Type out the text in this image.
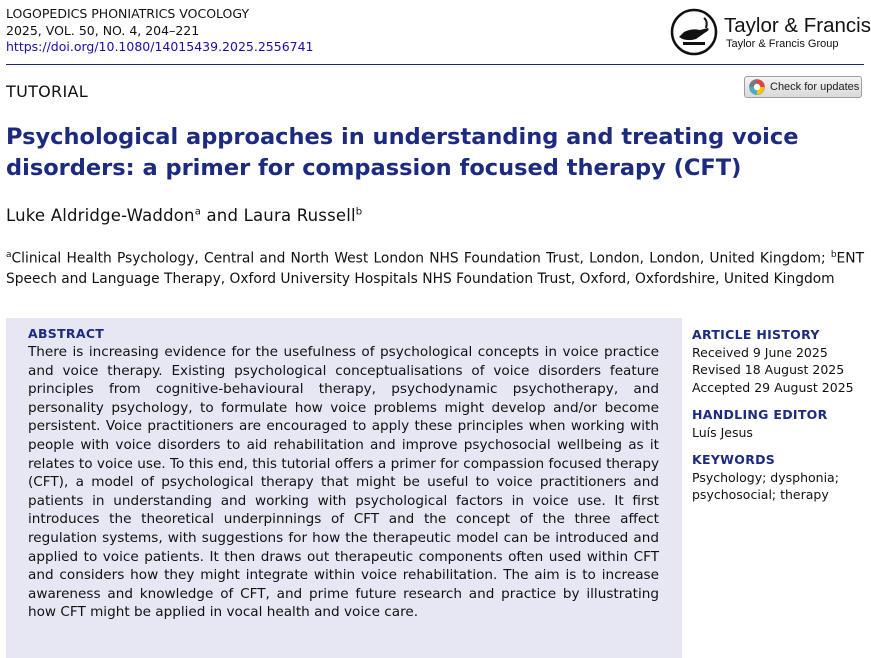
LOGOPEDICS PHONIATRICS VOCOLOGY
2025, VOL. 50, NO. 4, 204–221
https://doi.org/10.1080/14015439.2025.2556741
Taylor & Francis
Taylor & Francis Group
TUTORIAL	Check for updates
Psychological approaches in understanding and treating voice disorders: a primer for compassion focused therapy (CFT)
Luke Aldridge-Waddon$^a$ and Laura Russell$^b$
$^a$Clinical Health Psychology, Central and North West London NHS Foundation Trust, London, London, United Kingdom; $^b$ENT Speech and Language Therapy, Oxford University Hospitals NHS Foundation Trust, Oxford, Oxfordshire, United Kingdom
ABSTRACT
There is increasing evidence for the usefulness of psychological concepts in voice practice and voice therapy. Existing psychological conceptualisations of voice disorders feature principles from cognitive-behavioural therapy, psychodynamic psychotherapy, and personality psychology, to formulate how voice problems might develop and/or become persistent. Voice practitioners are encouraged to apply these principles when working with people with voice disorders to aid rehabilitation and improve psychosocial wellbeing as it relates to voice use. To this end, this tutorial offers a primer for compassion focused therapy (CFT), a model of psychological therapy that might be useful to voice practitioners and patients in understanding and working with psychological factors in voice use. It first introduces the theoretical underpinnings of CFT and the concept of the three affect regulation systems, with suggestions for how the therapeutic model can be introduced and applied to voice patients. It then draws out therapeutic components often used within CFT and considers how they might integrate within voice rehabilitation. The aim is to increase awareness and knowledge of CFT, and prime future research and practice by illustrating how CFT might be applied in vocal health and voice care.
ARTICLE HISTORY
Received 9 June 2025
Revised 18 August 2025
Accepted 29 August 2025
HANDLING EDITOR
Luís Jesus
KEYWORDS
Psychology; dysphonia; psychosocial; therapy
